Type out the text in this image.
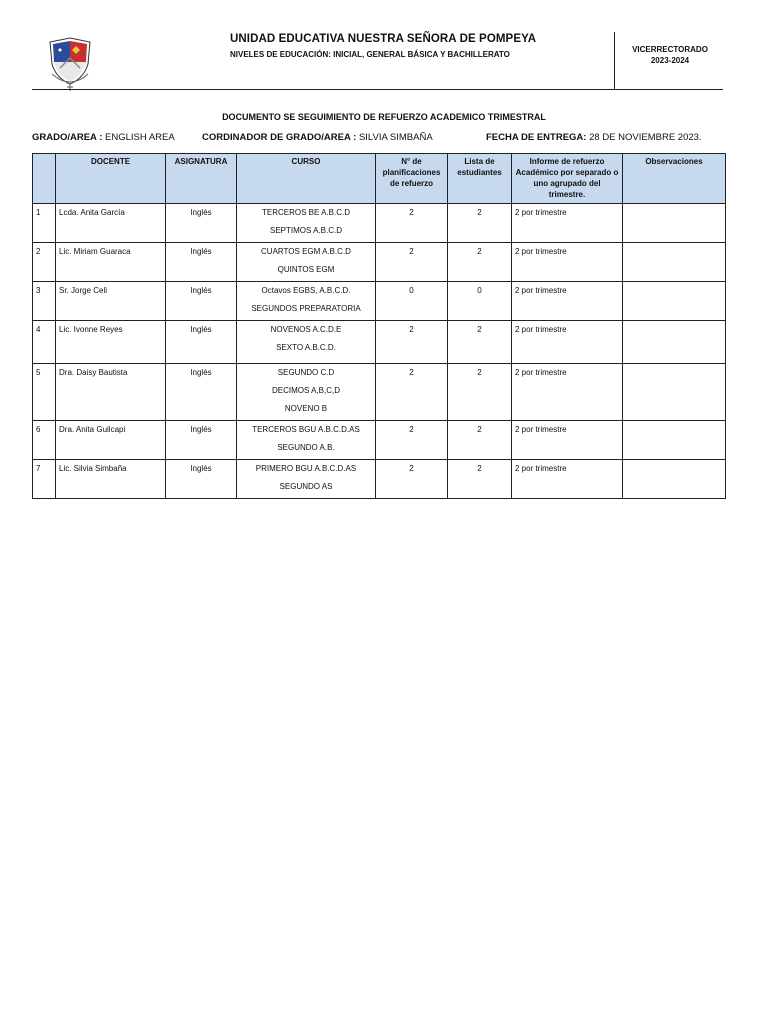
UNIDAD EDUCATIVA NUESTRA SEÑORA DE POMPEYA
NIVELES DE EDUCACIÓN: INICIAL, GENERAL BÁSICA Y BACHILLERATO
VICERRECTORADO
2023-2024
DOCUMENTO SE SEGUIMIENTO DE REFUERZO ACADEMICO TRIMESTRAL
GRADO/AREA : ENGLISH AREA	CORDINADOR DE GRADO/AREA : SILVIA SIMBAÑA	FECHA DE ENTREGA: 28 DE NOVIEMBRE 2023.
	DOCENTE	ASIGNATURA	CURSO	N° de planificaciones de refuerzo	Lista de estudiantes	Informe de refuerzo Académico por separado o uno agrupado del trimestre.	Observaciones
1	Lcda. Anita García	Inglés	TERCEROS BE A.B.C.D
SEPTIMOS A.B.C.D	2	2	2 por trimestre	
2	Lic. Miriam Guaraca	Inglés	CUARTOS EGM A.B.C.D
QUINTOS EGM	2	2	2 por trimestre	
3	Sr. Jorge Celi	Inglés	Octavos EGBS, A.B.C.D.
SEGUNDOS PREPARATORIA	0	0	2 por trimestre	
4	Lic. Ivonne Reyes	Inglés	NOVENOS A.C.D.E
SEXTO A.B.C.D.	2	2	2 por trimestre	
5	Dra. Daisy Bautista	Inglés	SEGUNDO C.D
DECIMOS A,B,C,D
NOVENO B	2	2	2 por trimestre	
6	Dra. Anita Guilcapi	Inglés	TERCEROS BGU A.B.C.D.AS
SEGUNDO A.B.	2	2	2 por trimestre	
7	Lic. Silvia Simbaña	Inglés	PRIMERO BGU A.B.C.D.AS
SEGUNDO AS	2	2	2 por trimestre	
